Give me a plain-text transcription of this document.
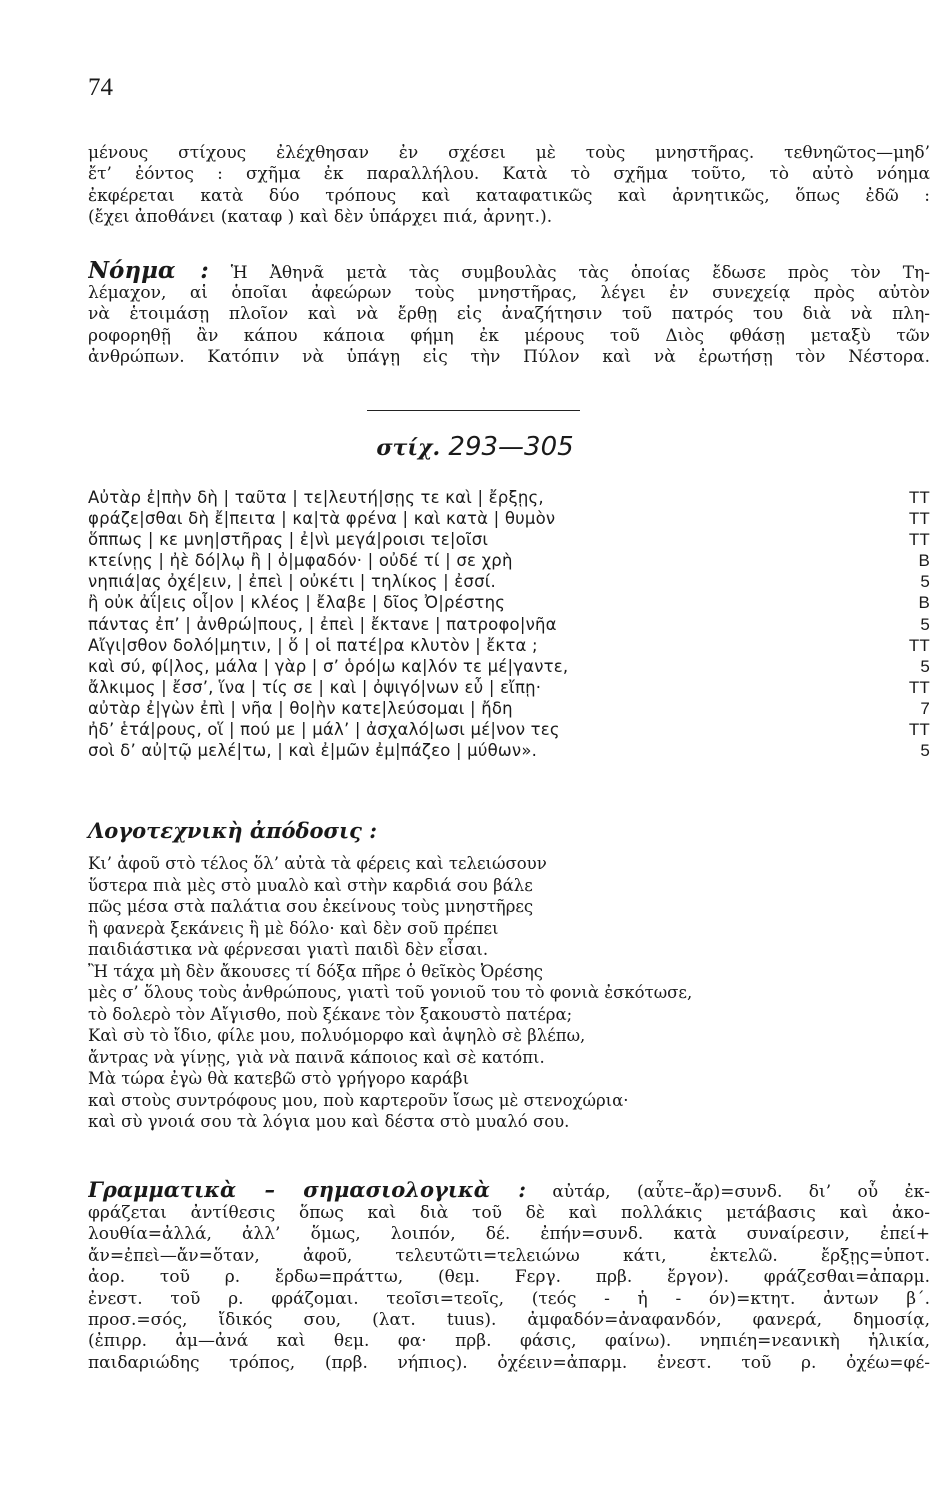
74
μένους στίχους ἐλέχθησαν ἐν σχέσει μὲ τοὺς μνηστῆρας. τεθνηῶτος—μηδ’
ἔτ’ ἐόντος : σχῆμα ἐκ παραλλήλου. Κατὰ τὸ σχῆμα τοῦτο, τὸ αὐτὸ νόημα
ἐκφέρεται κατὰ δύο τρόπους καὶ καταφατικῶς καὶ ἀρνητικῶς, ὅπως ἐδῶ :
(ἔχει ἀποθάνει (καταφ ) καὶ δὲν ὑπάρχει πιά, ἀρνητ.).
Νόημα : Ἡ Ἀθηνᾶ μετὰ τὰς συμβουλὰς τὰς ὁποίας ἔδωσε πρὸς τὸν Τη-
λέμαχον, αἱ ὁποῖαι ἀφεώρων τοὺς μνηστῆρας, λέγει ἐν συνεχείᾳ πρὸς αὐτὸν
νὰ ἑτοιμάσῃ πλοῖον καὶ νὰ ἔρθῃ εἰς ἀναζήτησιν τοῦ πατρός του διὰ νὰ πλη-
ροφορηθῇ ἂν κάπου κάποια φήμη ἐκ μέρους τοῦ Διὸς φθάσῃ μεταξὺ τῶν
ἀνθρώπων. Κατόπιν νὰ ὑπάγῃ εἰς τὴν Πύλον καὶ νὰ ἐρωτήσῃ τὸν Νέστορα.
στίχ. 293—305
Αὐτὰρ ἐ|πὴν δὴ | ταῦτα | τε|λευτή|σῃς τε καὶ | ἔρξῃς,	TT
φράζε|σθαι δὴ ἔ|πειτα | κα|τὰ φρένα | καὶ κατὰ | θυμὸν	TT
ὅππως | κε μνη|στῆρας | ἐ|νὶ μεγά|ροισι τε|οῖσι	TT
κτείνῃς | ἠὲ δό|λῳ ἢ | ὀ|μφαδόν· | οὐδέ τί | σε χρὴ	B
νηπιά|ας ὀχέ|ειν, | ἐπεὶ | οὐκέτι | τηλίκος | ἐσσί.	5
ἢ οὐκ ἀΐ|εις οἷ|ον | κλέος | ἔλαβε | δῖος Ὀ|ρέστης	B
πάντας ἐπ’ | ἀνθρώ|πους, | ἐπεὶ | ἔκτανε | πατροφο|νῆα	5
Αἴγι|σθον δολό|μητιν, | ὅ | οἱ πατέ|ρα κλυτὸν | ἔκτα ;	TT
καὶ σύ, φί|λος, μάλα | γὰρ | σ’ ὁρό|ω κα|λόν τε μέ|γαντε,	5
ἄλκιμος | ἔσσ’, ἵνα | τίς σε | καὶ | ὀψιγό|νων εὖ | εἴπῃ·	TT
αὐτὰρ ἐ|γὼν ἐπὶ | νῆα | θο|ὴν κατε|λεύσομαι | ἤδη	7
ἠδ’ ἑτά|ρους, οἵ | πού με | μάλ’ | ἀσχαλό|ωσι μέ|νον τες	TT
σοὶ δ’ αὐ|τῷ μελέ|τω, | καὶ ἐ|μῶν ἐμ|πάζεο | μύθων».	5
Λογοτεχνικὴ ἀπόδοσις :
Κι’ ἀφοῦ στὸ τέλος ὅλ’ αὐτὰ τὰ φέρεις καὶ τελειώσουν
ὕστερα πιὰ μὲς στὸ μυαλὸ καὶ στὴν καρδιά σου βάλε
πῶς μέσα στὰ παλάτια σου ἐκείνους τοὺς μνηστῆρες
ἢ φανερὰ ξεκάνεις ἢ μὲ δόλο· καὶ δὲν σοῦ πρέπει
παιδιάστικα νὰ φέρνεσαι γιατὶ παιδὶ δὲν εἶσαι.
Ἢ τάχα μὴ δὲν ἄκουσες τί δόξα πῆρε ὁ θεῖκὸς Ὀρέσης
μὲς σ’ ὅλους τοὺς ἀνθρώπους, γιατὶ τοῦ γονιοῦ του τὸ φονιὰ ἐσκότωσε,
τὸ δολερὸ τὸν Αἴγισθο, ποὺ ξέκανε τὸν ξακουστὸ πατέρα;
Καὶ σὺ τὸ ἴδιο, φίλε μου, πολυόμορφο καὶ ἀψηλὸ σὲ βλέπω,
ἄντρας νὰ γίνῃς, γιὰ νὰ παινᾶ κάποιος καὶ σὲ κατόπι.
Μὰ τώρα ἐγὼ θὰ κατεβῶ στὸ γρήγορο καράβι
καὶ στοὺς συντρόφους μου, ποὺ καρτεροῦν ἴσως μὲ στενοχώρια·
καὶ σὺ γνοιά σου τὰ λόγια μου καὶ δέστα στὸ μυαλό σου.
Γραμματικὰ – σημασιολογικὰ : αὐτάρ, (αὖτε–ἄρ)=συνδ. δι’ οὗ ἐκ-
φράζεται ἀντίθεσις ὅπως καὶ διὰ τοῦ δὲ καὶ πολλάκις μετάβασις καὶ ἀκο-
λουθία=ἀλλά, ἀλλ’ ὅμως, λοιπόν, δέ. ἐπήν=συνδ. κατὰ συναίρεσιν, ἐπεί+
ἄν=ἐπεὶ—ἄν=ὅταν, ἀφοῦ, τελευτῶτι=τελειώνω κάτι, ἐκτελῶ. ἔρξῃς=ὑποτ.
ἀορ. τοῦ ρ. ἔρδω=πράττω, (θεμ. Fεργ. πρβ. ἔργον). φράζεσθαι=ἀπαρμ.
ἐνεστ. τοῦ ρ. φράζομαι. τεοῖσι=τεοῖς, (τεός - ἡ - όν)=κτητ. ἀντων β΄.
προσ.=σός, ἴδικός σου, (λατ. tuus). ἀμφαδόν=ἀναφανδόν, φανερά, δημοσίᾳ,
(ἐπιρρ. ἀμ—ἀνά καὶ θεμ. φα· πρβ. φάσις, φαίνω). νηπιέη=νεανικὴ ἡλικία,
παιδαριώδης τρόπος, (πρβ. νήπιος). ὀχέειν=ἀπαρμ. ἐνεστ. τοῦ ρ. ὀχέω=φέ-
